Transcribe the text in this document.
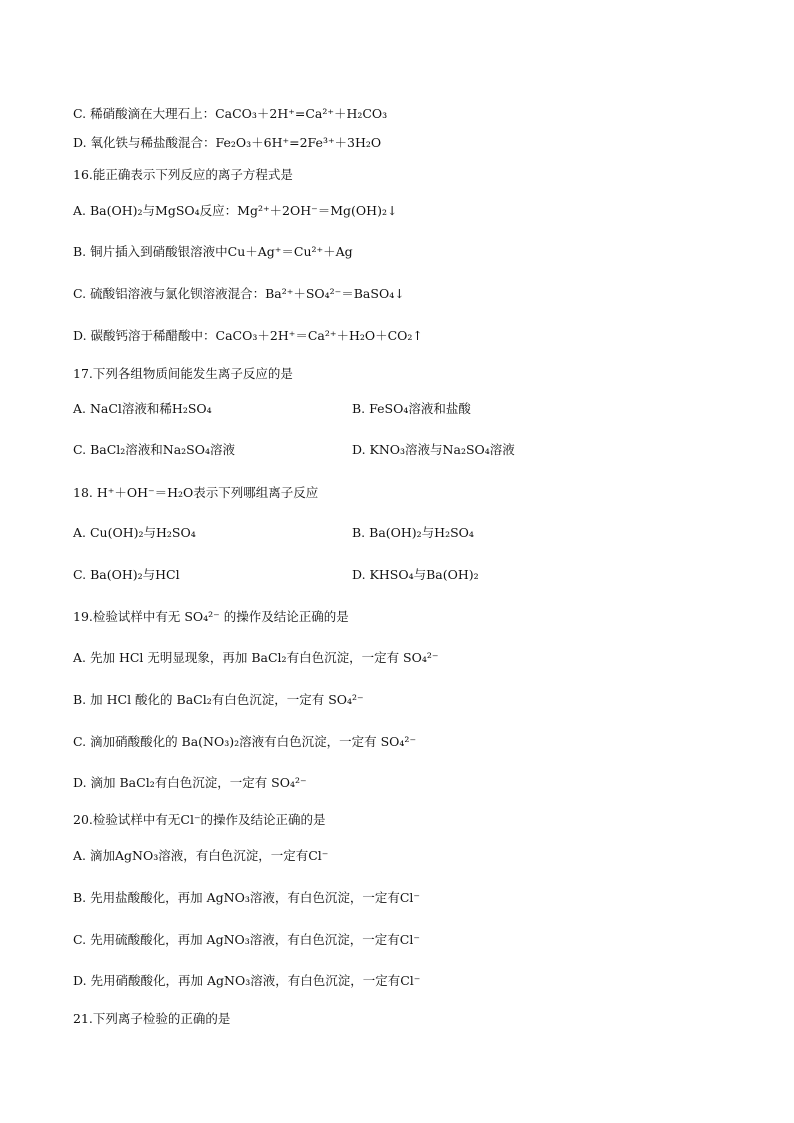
C. 稀硝酸滴在大理石上：CaCO₃＋2H⁺=Ca²⁺＋H₂CO₃
D. 氧化铁与稀盐酸混合：Fe₂O₃＋6H⁺=2Fe³⁺＋3H₂O
16.能正确表示下列反应的离子方程式是
A. Ba(OH)₂与MgSO₄反应：Mg²⁺＋2OH⁻＝Mg(OH)₂↓
B. 铜片插入到硝酸银溶液中Cu＋Ag⁺＝Cu²⁺＋Ag
C. 硫酸铝溶液与氯化钡溶液混合：Ba²⁺＋SO₄²⁻＝BaSO₄↓
D. 碳酸钙溶于稀醋酸中：CaCO₃＋2H⁺＝Ca²⁺＋H₂O＋CO₂↑
17.下列各组物质间能发生离子反应的是
A. NaCl溶液和稀H₂SO₄	B. FeSO₄溶液和盐酸
C. BaCl₂溶液和Na₂SO₄溶液	D. KNO₃溶液与Na₂SO₄溶液
18. H⁺＋OH⁻＝H₂O表示下列哪组离子反应
A. Cu(OH)₂与H₂SO₄	B. Ba(OH)₂与H₂SO₄
C. Ba(OH)₂与HCl	D. KHSO₄与Ba(OH)₂
19.检验试样中有无 SO₄²⁻ 的操作及结论正确的是
A. 先加 HCl 无明显现象，再加 BaCl₂有白色沉淀，一定有 SO₄²⁻
B. 加 HCl 酸化的 BaCl₂有白色沉淀，一定有 SO₄²⁻
C. 滴加硝酸酸化的 Ba(NO₃)₂溶液有白色沉淀，一定有 SO₄²⁻
D. 滴加 BaCl₂有白色沉淀，一定有 SO₄²⁻
20.检验试样中有无Cl⁻的操作及结论正确的是
A. 滴加AgNO₃溶液，有白色沉淀，一定有Cl⁻
B. 先用盐酸酸化，再加 AgNO₃溶液，有白色沉淀，一定有Cl⁻
C. 先用硫酸酸化，再加 AgNO₃溶液，有白色沉淀，一定有Cl⁻
D. 先用硝酸酸化，再加 AgNO₃溶液，有白色沉淀，一定有Cl⁻
21.下列离子检验的正确的是
